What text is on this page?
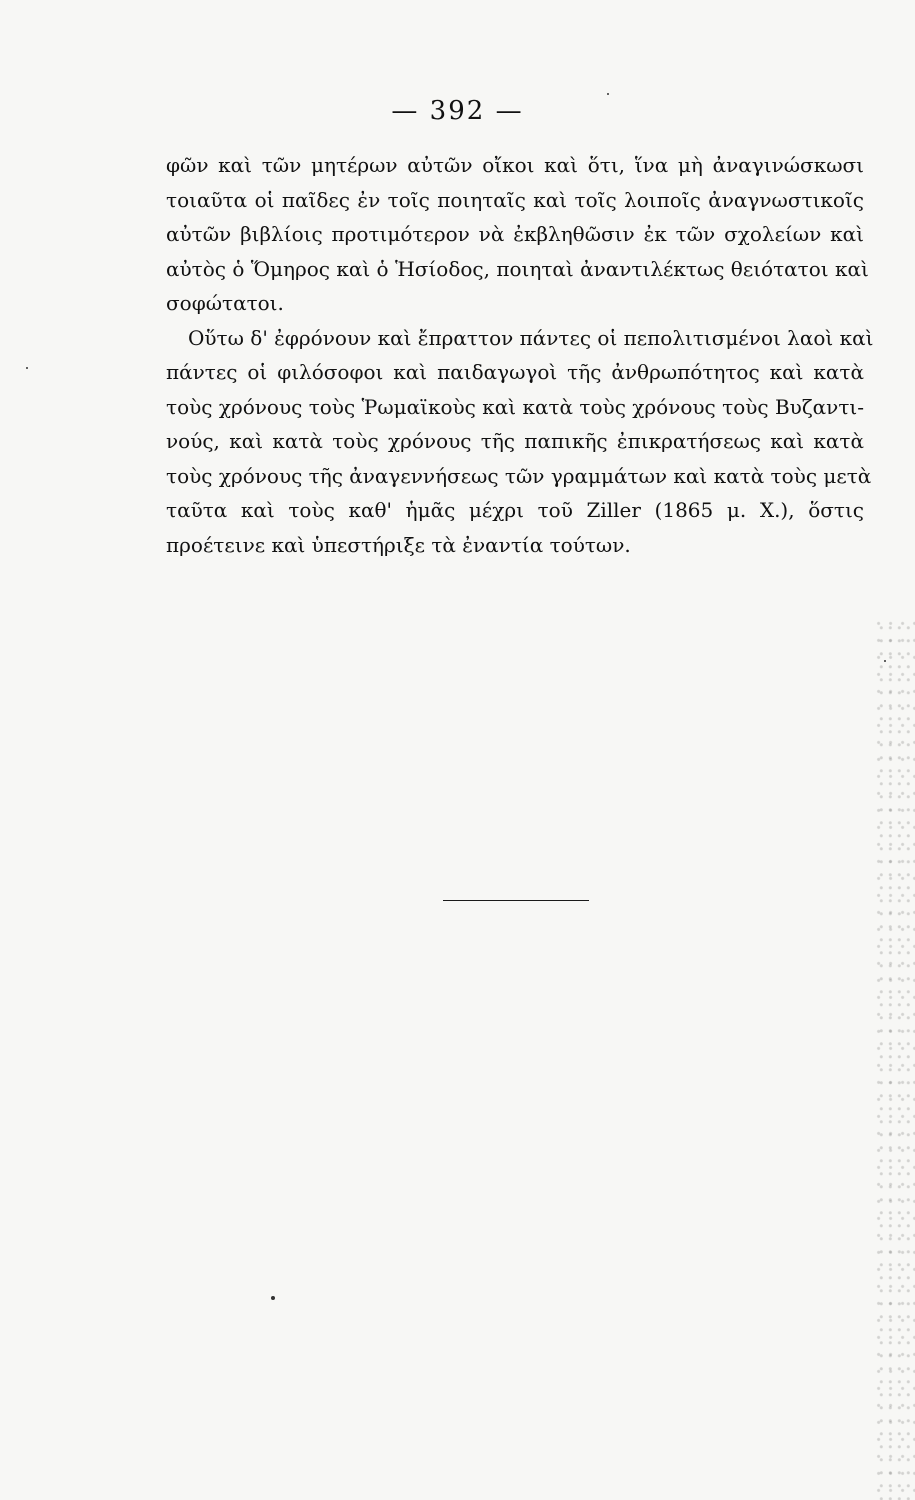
— 392 —
φῶν καὶ τῶν μητέρων αὐτῶν οἴκοι καὶ ὅτι, ἵνα μὴ ἀναγινώσκωσι
τοιαῦτα οἱ παῖδες ἐν τοῖς ποιηταῖς καὶ τοῖς λοιποῖς ἀναγνωστικοῖς
αὐτῶν βιβλίοις προτιμότερον νὰ ἐκβληθῶσιν ἐκ τῶν σχολείων καὶ
αὐτὸς ὁ Ὅμηρος καὶ ὁ Ἡσίοδος, ποιηταὶ ἀναντιλέκτως θειότατοι καὶ
σοφώτατοι.
Οὕτω δ' ἐφρόνουν καὶ ἔπραττον πάντες οἱ πεπολιτισμένοι λαοὶ καὶ
πάντες οἱ φιλόσοφοι καὶ παιδαγωγοὶ τῆς ἀνθρωπότητος καὶ κατὰ
τοὺς χρόνους τοὺς Ῥωμαϊκοὺς καὶ κατὰ τοὺς χρόνους τοὺς Βυζαντι-
νούς, καὶ κατὰ τοὺς χρόνους τῆς παπικῆς ἐπικρατήσεως καὶ κατὰ
τοὺς χρόνους τῆς ἀναγεννήσεως τῶν γραμμάτων καὶ κατὰ τοὺς μετὰ
ταῦτα καὶ τοὺς καθ' ἡμᾶς μέχρι τοῦ Ziller (1865 μ. Χ.), ὅστις
προέτεινε καὶ ὑπεστήριξε τὰ ἐναντία τούτων.
